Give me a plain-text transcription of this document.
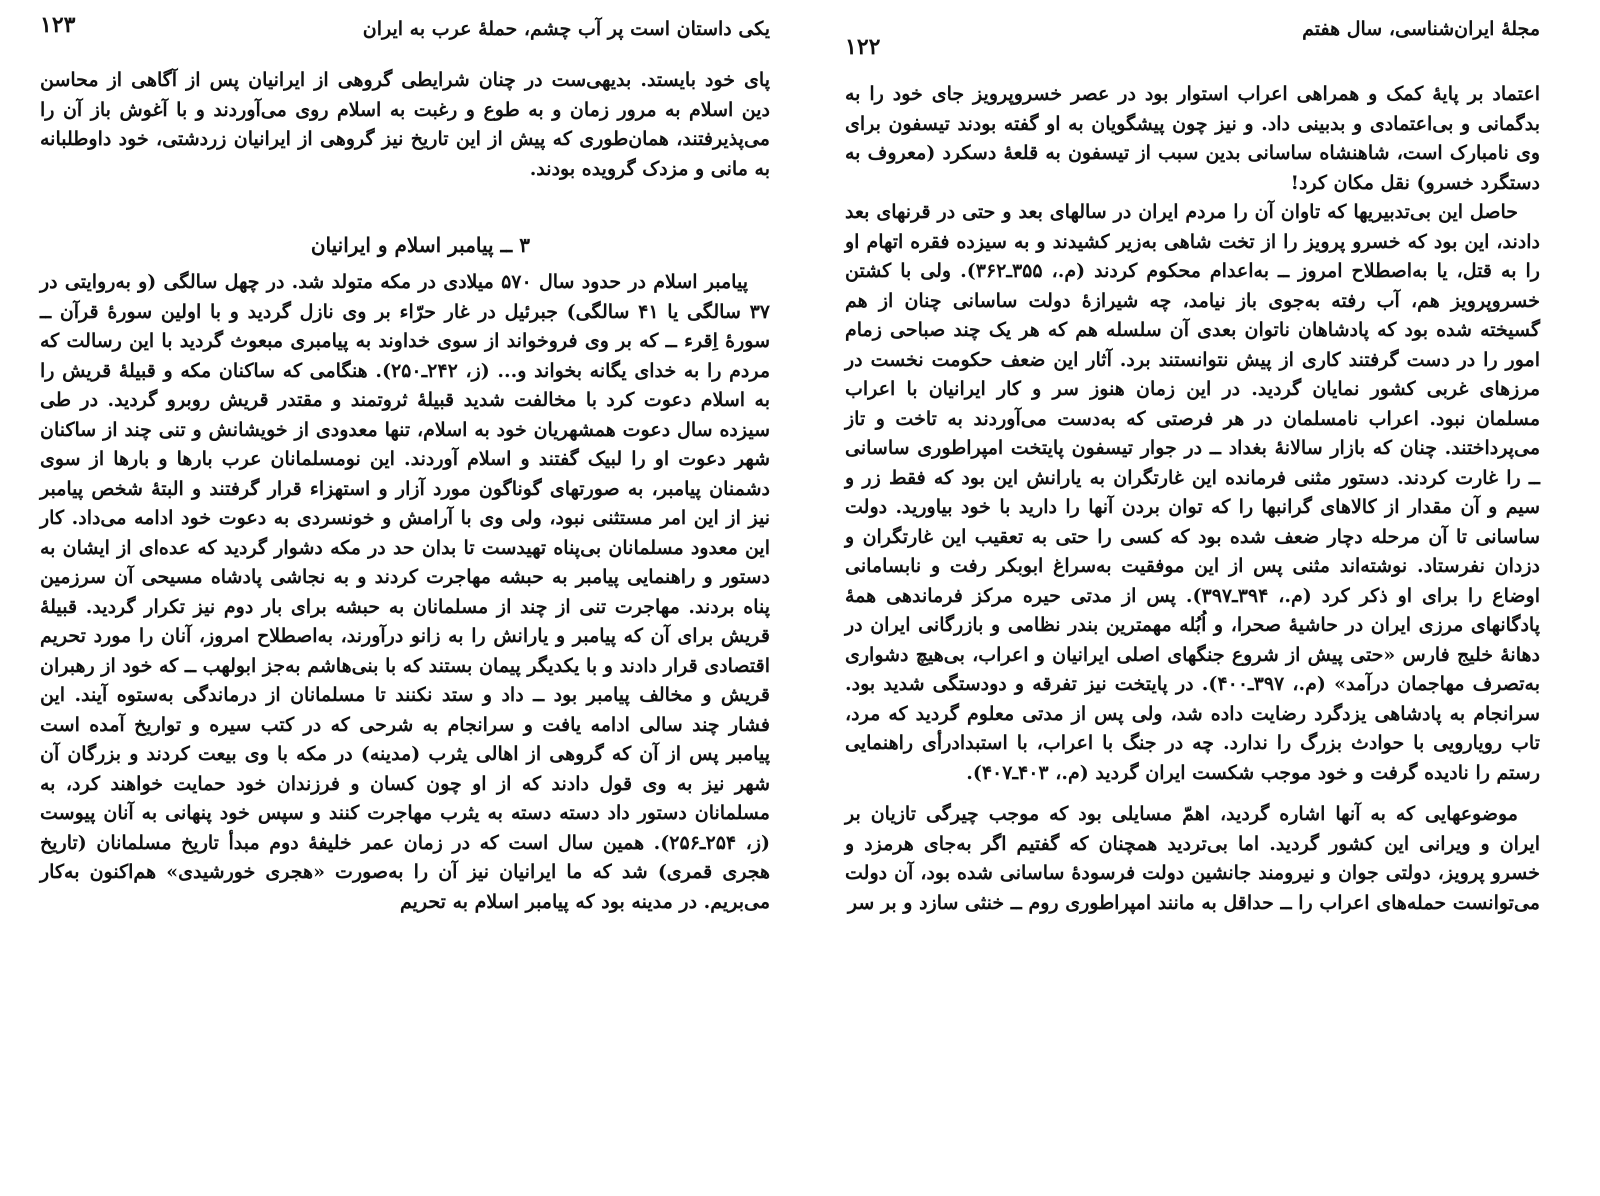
یکی داستان است پر آب چشم، حملهٔ عرب به ایران
۱۲۳

پای خود بایستد. بدیهی‌ست در چنان شرایطی گروهی از ایرانیان پس از آگاهی از محاسن دین اسلام به مرور زمان و به طوع و رغبت به اسلام روی می‌آوردند و با آغوش باز آن را می‌پذیرفتند، همان‌طوری که پیش از این تاریخ نیز گروهی از ایرانیان زردشتی، خود داوطلبانه به مانی و مزدک گرویده بودند.

۳ ــ پیامبر اسلام و ایرانیان

پیامبر اسلام در حدود سال ۵۷۰ میلادی در مکه متولد شد. در چهل سالگی (و به‌روایتی در ۳۷ سالگی یا ۴۱ سالگی) جبرئیل در غار حرّاء بر وی نازل گردید و با اولین سورهٔ قرآن ــ سورهٔ اِقرء ــ که بر وی فروخواند از سوی خداوند به پیامبری مبعوث گردید با این رسالت که مردم را به خدای یگانه بخواند و... (ز، ۲۴۲ـ۲۵۰). هنگامی که ساکنان مکه و قبیلهٔ قریش را به اسلام دعوت کرد با مخالفت شدید قبیلهٔ ثروتمند و مقتدر قریش روبرو گردید. در طی سیزده سال دعوت همشهریان خود به اسلام، تنها معدودی از خویشانش و تنی چند از ساکنان شهر دعوت او را لبیک گفتند و اسلام آوردند. این نومسلمانان عرب بارها و بارها از سوی دشمنان پیامبر، به صورتهای گوناگون مورد آزار و استهزاء قرار گرفتند و البتهٔ شخص پیامبر نیز از این امر مستثنی نبود، ولی وی با آرامش و خونسردی به دعوت خود ادامه می‌داد. کار این معدود مسلمانان بی‌پناه تهیدست تا بدان حد در مکه دشوار گردید که عده‌ای از ایشان به دستور و راهنمایی پیامبر به حبشه مهاجرت کردند و به نجاشی پادشاه مسیحی آن سرزمین پناه بردند. مهاجرت تنی از چند از مسلمانان به حبشه برای بار دوم نیز تکرار گردید. قبیلهٔ قریش برای آن که پیامبر و یارانش را به زانو درآورند، به‌اصطلاح امروز، آنان را مورد تحریم اقتصادی قرار دادند و با یکدیگر پیمان بستند که با بنی‌هاشم به‌جز ابولهب ــ که خود از رهبران قریش و مخالف پیامبر بود ــ داد و ستد نکنند تا مسلمانان از درماندگی به‌ستوه آیند. این فشار چند سالی ادامه یافت و سرانجام به شرحی که در کتب سیره و تواریخ آمده است پیامبر پس از آن که گروهی از اهالی یثرب (مدینه) در مکه با وی بیعت کردند و بزرگان آن شهر نیز به وی قول دادند که از او چون کسان و فرزندان خود حمایت خواهند کرد، به مسلمانان دستور داد دسته دسته به یثرب مهاجرت کنند و سپس خود پنهانی به آنان پیوست (ز، ۲۵۴ـ۲۵۶). همین سال است که در زمان عمر خلیفهٔ دوم مبدأ تاریخ مسلمانان (تاریخ هجری قمری) شد که ما ایرانیان نیز آن را به‌صورت «هجری خورشیدی» هم‌اکنون به‌کار می‌بریم. در مدینه بود که پیامبر اسلام به تحریم

مجلهٔ ایران‌شناسی، سال هفتم
۱۲۲

اعتماد بر پایهٔ کمک و همراهی اعراب استوار بود در عصر خسروپرویز جای خود را به بدگمانی و بی‌اعتمادی و بدبینی داد. و نیز چون پیشگویان به او گفته بودند تیسفون برای وی نامبارک است، شاهنشاه ساسانی بدین سبب از تیسفون به قلعهٔ دسکرد (معروف به دستگرد خسرو) نقل مکان کرد!

حاصل این بی‌تدبیریها که تاوان آن را مردم ایران در سالهای بعد و حتی در قرنهای بعد دادند، این بود که خسرو پرویز را از تخت شاهی به‌زیر کشیدند و به سیزده فقره اتهام او را به قتل، یا به‌اصطلاح امروز ــ به‌اعدام محکوم کردند (م.، ۳۵۵ـ۳۶۲). ولی با کشتن خسروپرویز هم، آب رفته به‌جوی باز نیامد، چه شیرازهٔ دولت ساسانی چنان از هم گسیخته شده بود که پادشاهان ناتوان بعدی آن سلسله هم که هر یک چند صباحی زمام امور را در دست گرفتند کاری از پیش نتوانستند برد. آثار این ضعف حکومت نخست در مرزهای غربی کشور نمایان گردید. در این زمان هنوز سر و کار ایرانیان با اعراب مسلمان نبود. اعراب نامسلمان در هر فرصتی که به‌دست می‌آوردند به تاخت و تاز می‌پرداختند. چنان که بازار سالانهٔ بغداد ــ در جوار تیسفون پایتخت امپراطوری ساسانی ــ را غارت کردند. دستور مثنی فرمانده این غارتگران به یارانش این بود که فقط زر و سیم و آن مقدار از کالاهای گرانبها را که توان بردن آنها را دارید با خود بیاورید. دولت ساسانی تا آن مرحله دچار ضعف شده بود که کسی را حتی به تعقیب این غارتگران و دزدان نفرستاد. نوشته‌اند مثنی پس از این موفقیت به‌سراغ ابوبکر رفت و نابسامانی اوضاع را برای او ذکر کرد (م.، ۳۹۴ـ۳۹۷). پس از مدتی حیره مرکز فرماندهی همهٔ پادگانهای مرزی ایران در حاشیهٔ صحرا، و اُبُله مهمترین بندر نظامی و بازرگانی ایران در دهانهٔ خلیج فارس «حتی پیش از شروع جنگهای اصلی ایرانیان و اعراب، بی‌هیچ دشواری به‌تصرف مهاجمان درآمد» (م.، ۳۹۷ـ۴۰۰). در پایتخت نیز تفرقه و دودستگی شدید بود. سرانجام به پادشاهی یزدگرد رضایت داده شد، ولی پس از مدتی معلوم گردید که مرد، تاب رویارویی با حوادث بزرگ را ندارد. چه در جنگ با اعراب، با استبدادرأی راهنمایی رستم را نادیده گرفت و خود موجب شکست ایران گردید (م.، ۴۰۳ـ۴۰۷).

موضوعهایی که به آنها اشاره گردید، اهمّ مسایلی بود که موجب چیرگی تازیان بر ایران و ویرانی این کشور گردید. اما بی‌تردید همچنان که گفتیم اگر به‌جای هرمزد و خسرو پرویز، دولتی جوان و نیرومند جانشین دولت فرسودهٔ ساسانی شده بود، آن دولت می‌توانست حمله‌های اعراب را ــ حداقل به مانند امپراطوری روم ــ خنثی سازد و بر سر
